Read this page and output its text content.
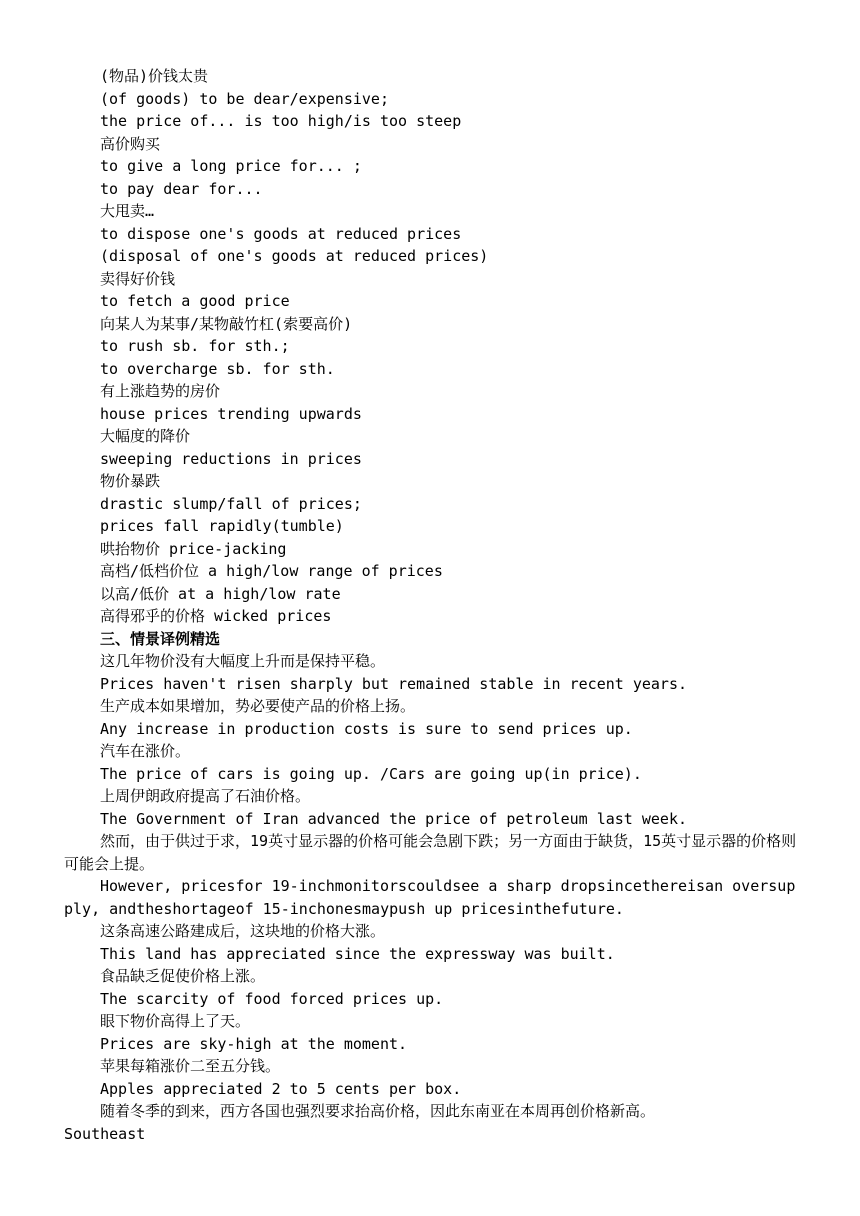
(物品)价钱太贵
(of goods) to be dear/expensive;
the price of... is too high/is too steep
高价购买
to give a long price for... ;
to pay dear for...
大甩卖…
to dispose one's goods at reduced prices
(disposal of one's goods at reduced prices)
卖得好价钱
to fetch a good price
向某人为某事/某物敲竹杠(索要高价)
to rush sb. for sth.;
to overcharge sb. for sth.
有上涨趋势的房价
house prices trending upwards
大幅度的降价
sweeping reductions in prices
物价暴跌
drastic slump/fall of prices;
prices fall rapidly(tumble)
哄抬物价 price-jacking
高档/低档价位 a high/low range of prices
以高/低价 at a high/low rate
高得邪乎的价格 wicked prices
三、情景译例精选
这几年物价没有大幅度上升而是保持平稳。
Prices haven't risen sharply but remained stable in recent years.
生产成本如果增加，势必要使产品的价格上扬。
Any increase in production costs is sure to send prices up.
汽车在涨价。
The price of cars is going up. /Cars are going up(in price).
上周伊朗政府提高了石油价格。
The Government of Iran advanced the price of petroleum last week.
然而，由于供过于求，19英寸显示器的价格可能会急剧下跌；另一方面由于缺货，15英寸显示器的价格则可能会上提。
However, pricesfor 19-inchmonitorscouldsee a sharp dropsincethereisan oversupply, andtheshortageof 15-inchonesmaypush up pricesinthefuture.
这条高速公路建成后，这块地的价格大涨。
This land has appreciated since the expressway was built.
食品缺乏促使价格上涨。
The scarcity of food forced prices up.
眼下物价高得上了天。
Prices are sky-high at the moment.
苹果每箱涨价二至五分钱。
Apples appreciated 2 to 5 cents per box.
随着冬季的到来，西方各国也强烈要求抬高价格，因此东南亚在本周再创价格新高。
Southeast
